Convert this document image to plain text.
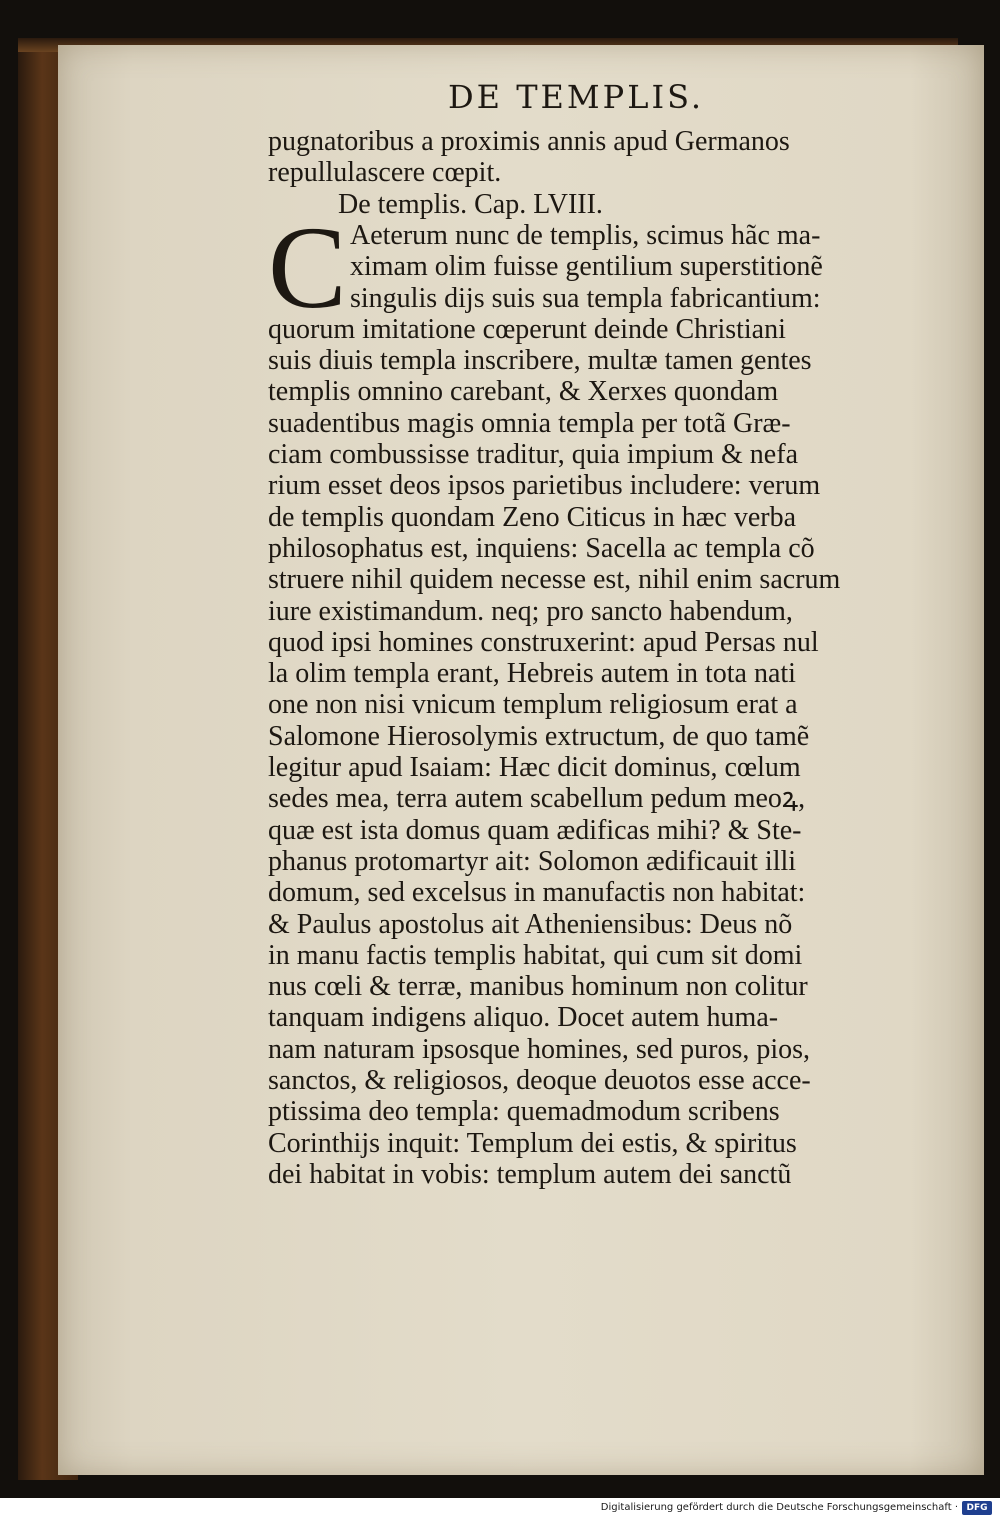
DE TEMPLIS.
C
pugnatoribus a proximis annis apud Germanos
repullulascere cœpit.
De templis. Cap. LVIII.
Aeterum nunc de templis, scimus hãc ma-
ximam olim fuisse gentilium superstitionẽ
singulis dijs suis sua templa fabricantium:
quorum imitatione cœperunt deinde Christiani
suis diuis templa inscribere, multæ tamen gentes
templis omnino carebant, & Xerxes quondam
suadentibus magis omnia templa per totã Græ-
ciam combussisse traditur, quia impium & nefa
rium esset deos ipsos parietibus includere: verum
de templis quondam Zeno Citicus in hæc verba
philosophatus est, inquiens: Sacella ac templa cõ
struere nihil quidem necesse est, nihil enim sacrum
iure existimandum. neq; pro sancto habendum,
quod ipsi homines construxerint: apud Persas nul
la olim templa erant, Hebreis autem in tota nati
one non nisi vnicum templum religiosum erat a
Salomone Hierosolymis extructum, de quo tamẽ
legitur apud Isaiam: Hæc dicit dominus, cœlum
sedes mea, terra autem scabellum pedum meoꝝ,
quæ est ista domus quam ædificas mihi? & Ste-
phanus protomartyr ait: Solomon ædificauit illi
domum, sed excelsus in manufactis non habitat:
& Paulus apostolus ait Atheniensibus: Deus nõ
in manu factis templis habitat, qui cum sit domi
nus cœli & terræ, manibus hominum non colitur
tanquam indigens aliquo. Docet autem huma-
nam naturam ipsosque homines, sed puros, pios,
sanctos, & religiosos, deoque deuotos esse acce-
ptissima deo templa: quemadmodum scribens
Corinthijs inquit: Templum dei estis, & spiritus
dei habitat in vobis: templum autem dei sanctũ
Digitalisierung gefördert durch die Deutsche Forschungsgemeinschaft · DFG
